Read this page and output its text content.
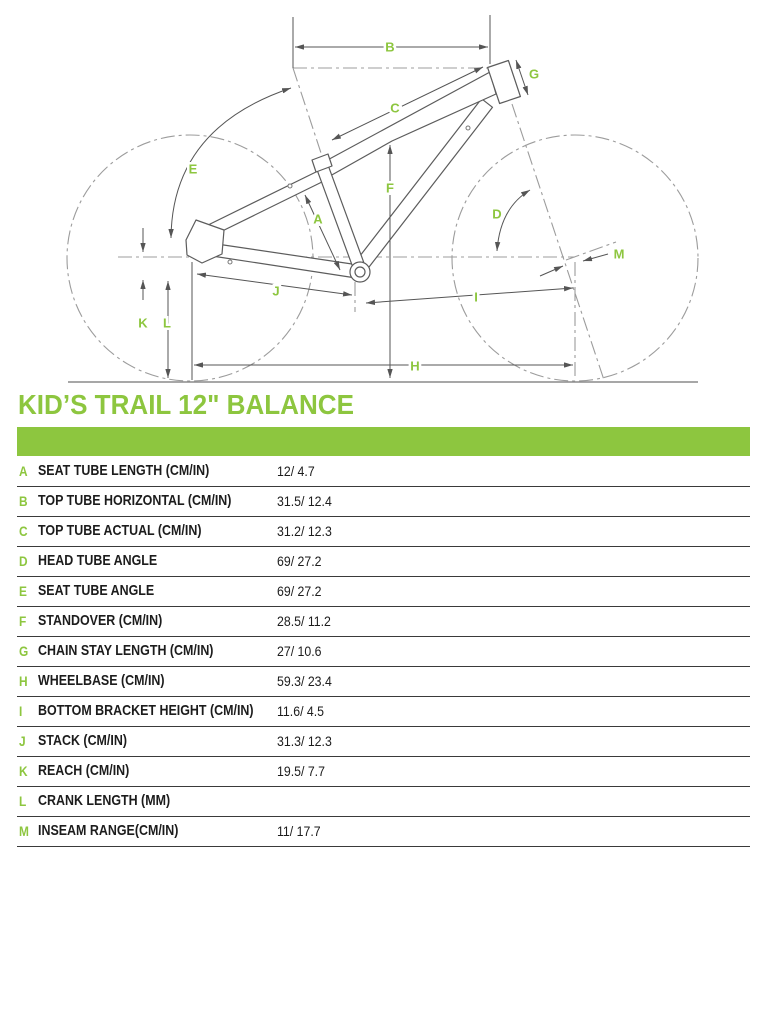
A
B
C
D
E
F
G
H
I
J
K L
M
KID’S TRAIL 12" BALANCE
A SEAT TUBE LENGTH (CM/IN)	12/ 4.7
B TOP TUBE HORIZONTAL (CM/IN)	31.5/ 12.4
C TOP TUBE ACTUAL (CM/IN)	31.2/ 12.3
D HEAD TUBE ANGLE	69/ 27.2
E SEAT TUBE ANGLE	69/ 27.2
F STANDOVER (CM/IN)	28.5/ 11.2
G CHAIN STAY LENGTH (CM/IN)	27/ 10.6
H WHEELBASE (CM/IN)	59.3/ 23.4
I BOTTOM BRACKET HEIGHT (CM/IN) 11.6/ 4.5
J STACK (CM/IN)	31.3/ 12.3
K REACH (CM/IN)	19.5/ 7.7
L CRANK LENGTH (MM)
M INSEAM RANGE(CM/IN)	11/ 17.7
